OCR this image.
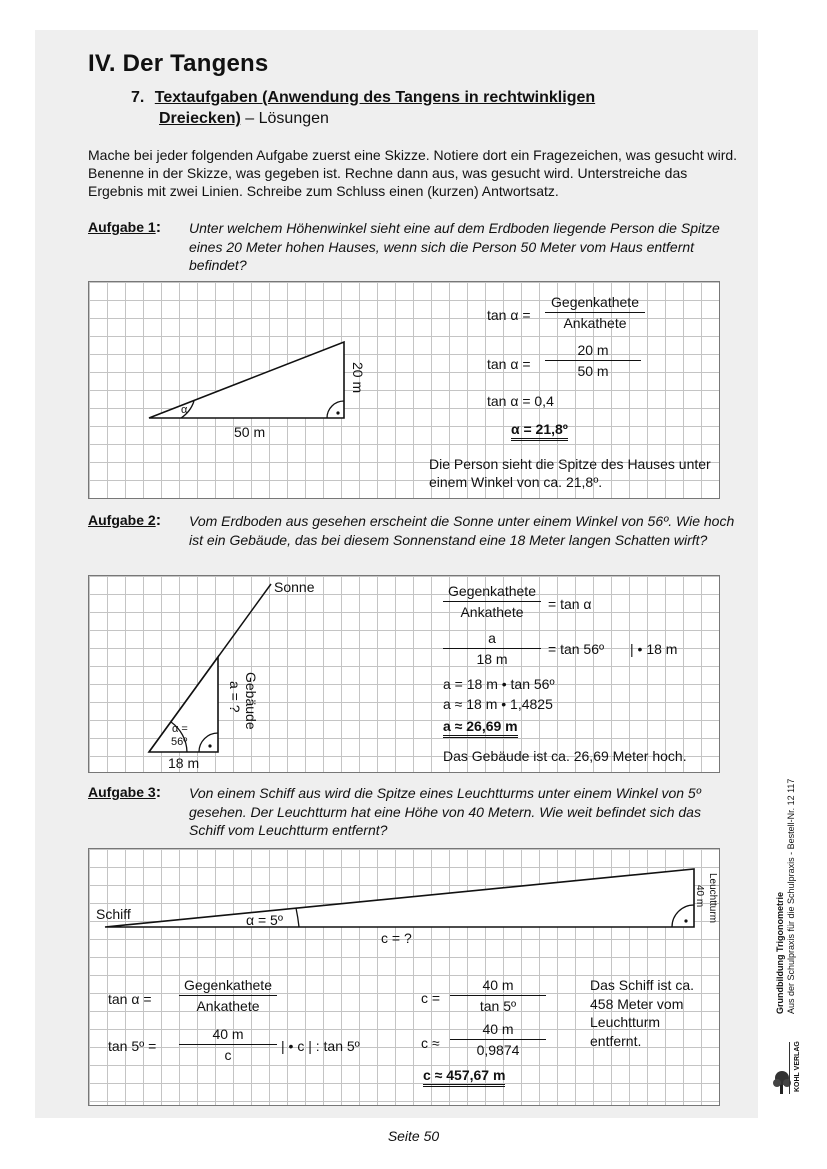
IV. Der Tangens
7. Textaufgaben (Anwendung des Tangens in rechtwinkligen
Dreiecken) – Lösungen
Mache bei jeder folgenden Aufgabe zuerst eine Skizze. Notiere dort ein Fragezeichen, was gesucht wird. Benenne in der Skizze, was gegeben ist. Rechne dann aus, was gesucht wird. Unterstreiche das Ergebnis mit zwei Linien. Schreibe zum Schluss einen (kurzen) Antwortsatz.
Aufgabe 1: Unter welchem Höhenwinkel sieht eine auf dem Erdboden liegende Person die Spitze eines 20 Meter hohen Hauses, wenn sich die Person 50 Meter vom Haus entfernt befindet?
α
20 m
50 m
tan α =
Gegenkathete
Ankathete
$\tan \alpha = \frac{20 m}{50 m}$
tan α = 0,4
α = 21,8º
Die Person sieht die Spitze des Hauses unter einem Winkel von ca. 21,8º.
Aufgabe 2: Vom Erdboden aus gesehen erscheint die Sonne unter einem Winkel von 56º. Wie hoch ist ein Gebäude, das bei diesem Sonnenstand eine 18 Meter langen Schatten wirft?
Sonne
Gebäude
a = ?
α =
56º
18 m
Gegenkathete
Ankathete	= tan α
$\frac{a}{18 m} = \tan$ 56º | • 18 m
a = 18 m • tan 56º
a ≈ 18 m • 1,4825
a ≈ 26,69 m
Das Gebäude ist ca. 26,69 Meter hoch.
Aufgabe 3: Von einem Schiff aus wird die Spitze eines Leuchtturms unter einem Winkel von 5º gesehen. Der Leuchtturm hat eine Höhe von 40 Metern. Wie weit befindet sich das Schiff vom Leuchtturm entfernt?
Schiff	α = 5º
c = ?
Leuchtturm
40 m
tan α =
Gegenkathete
Ankathete
tan 5º = $\frac{40 m}{c}$ | • c | : tan 5º
$c = \frac{40 m}{\text{tan 5º}}$
$c \approx \frac{40 m}{0,9874}$
c ≈ 457,67 m
Das Schiff ist ca. 458 Meter vom Leuchtturm entfernt.
Grundbildung Trigonometrie Aus der Schulpraxis für die Schulpraxis - Bestell-Nr. 12 117
KOHL VERLAG
Seite 50
